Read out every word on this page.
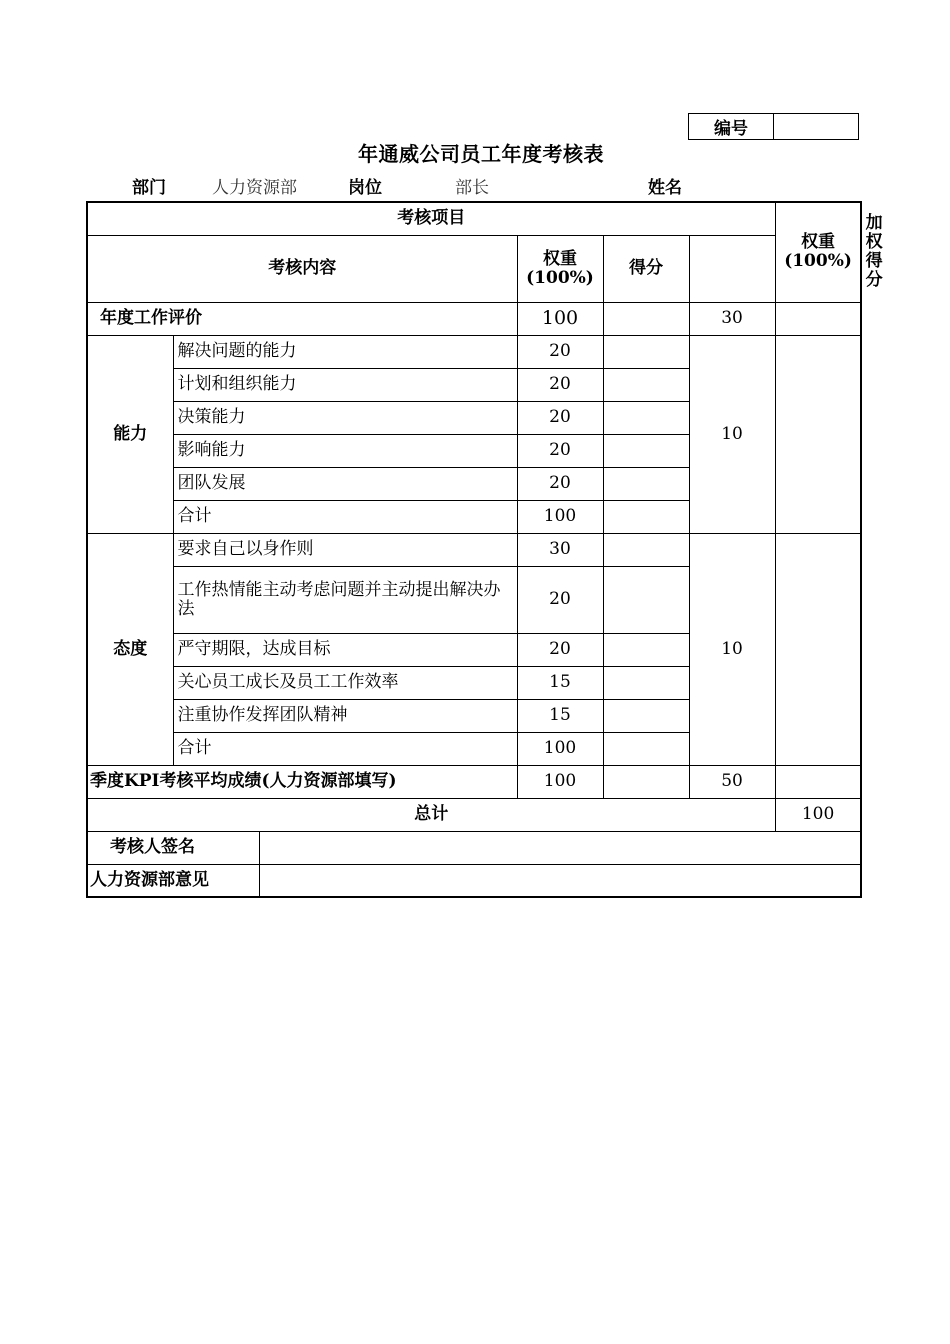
编号	
年通威公司员工年度考核表
部门	人力资源部	岗位	部长	姓名
考核项目						权重 (100%)	加权得分
考核内容			权重 (100%)	得分			
年度工作评价			100		30		
能力	解决问题的能力		20		10		
	计划和组织能力		20				
	决策能力		20				
	影响能力		20				
	团队发展		20				
	合计		100				
态度	要求自己以身作则		30		10		
	工作热情能主动考虑问题并主动提出解决办法		20				
	严守期限，达成目标		20				
	关心员工成长及员工工作效率		15				
	注重协作发挥团队精神		15				
	合计		100				
季度KPI考核平均成绩(人力资源部填写)			100		50		
总计						100	
考核人签名							
人力资源部意见							
